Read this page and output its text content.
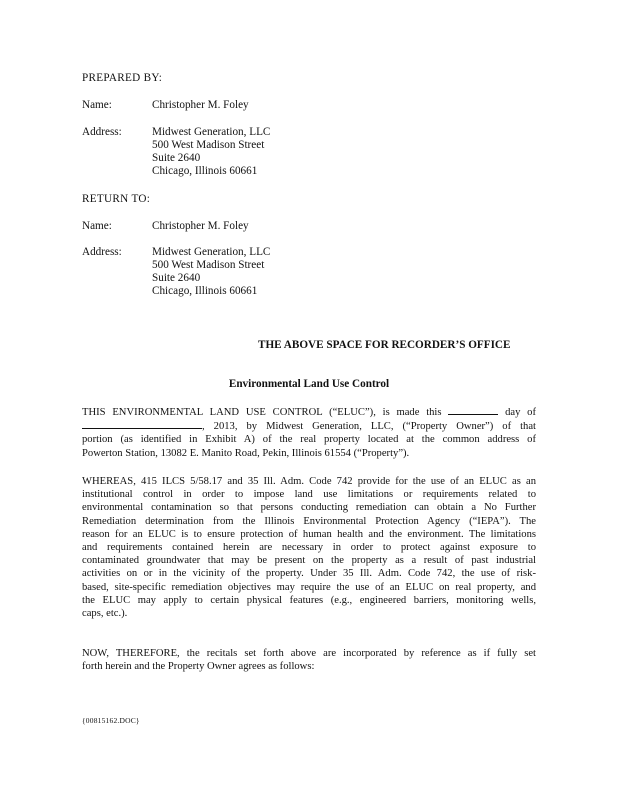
PREPARED BY:
Name:	Christopher M. Foley
Address:	Midwest Generation, LLC
500 West Madison Street
Suite 2640
Chicago, Illinois 60661
RETURN TO:
Name:	Christopher M. Foley
Address:	Midwest Generation, LLC
500 West Madison Street
Suite 2640
Chicago, Illinois 60661
THE ABOVE SPACE FOR RECORDER’S OFFICE
Environmental Land Use Control
THIS ENVIRONMENTAL LAND USE CONTROL (“ELUC”), is made this	day of
, 2013, by Midwest Generation, LLC, (“Property Owner”) of that
portion (as identified in Exhibit A) of the real property located at the common address of
Powerton Station, 13082 E. Manito Road, Pekin, Illinois 61554 (“Property”).
WHEREAS, 415 ILCS 5/58.17 and 35 Ill. Adm. Code 742 provide for the use of an ELUC as an
institutional control in order to impose land use limitations or requirements related to
environmental contamination so that persons conducting remediation can obtain a No Further
Remediation determination from the Illinois Environmental Protection Agency (“IEPA”). The
reason for an ELUC is to ensure protection of human health and the environment. The limitations
and requirements contained herein are necessary in order to protect against exposure to
contaminated groundwater that may be present on the property as a result of past industrial
activities on or in the vicinity of the property. Under 35 Ill. Adm. Code 742, the use of risk-
based, site-specific remediation objectives may require the use of an ELUC on real property, and
the ELUC may apply to certain physical features (e.g., engineered barriers, monitoring wells,
caps, etc.).
NOW, THEREFORE, the recitals set forth above are incorporated by reference as if fully set
forth herein and the Property Owner agrees as follows:
{00815162.DOC}
